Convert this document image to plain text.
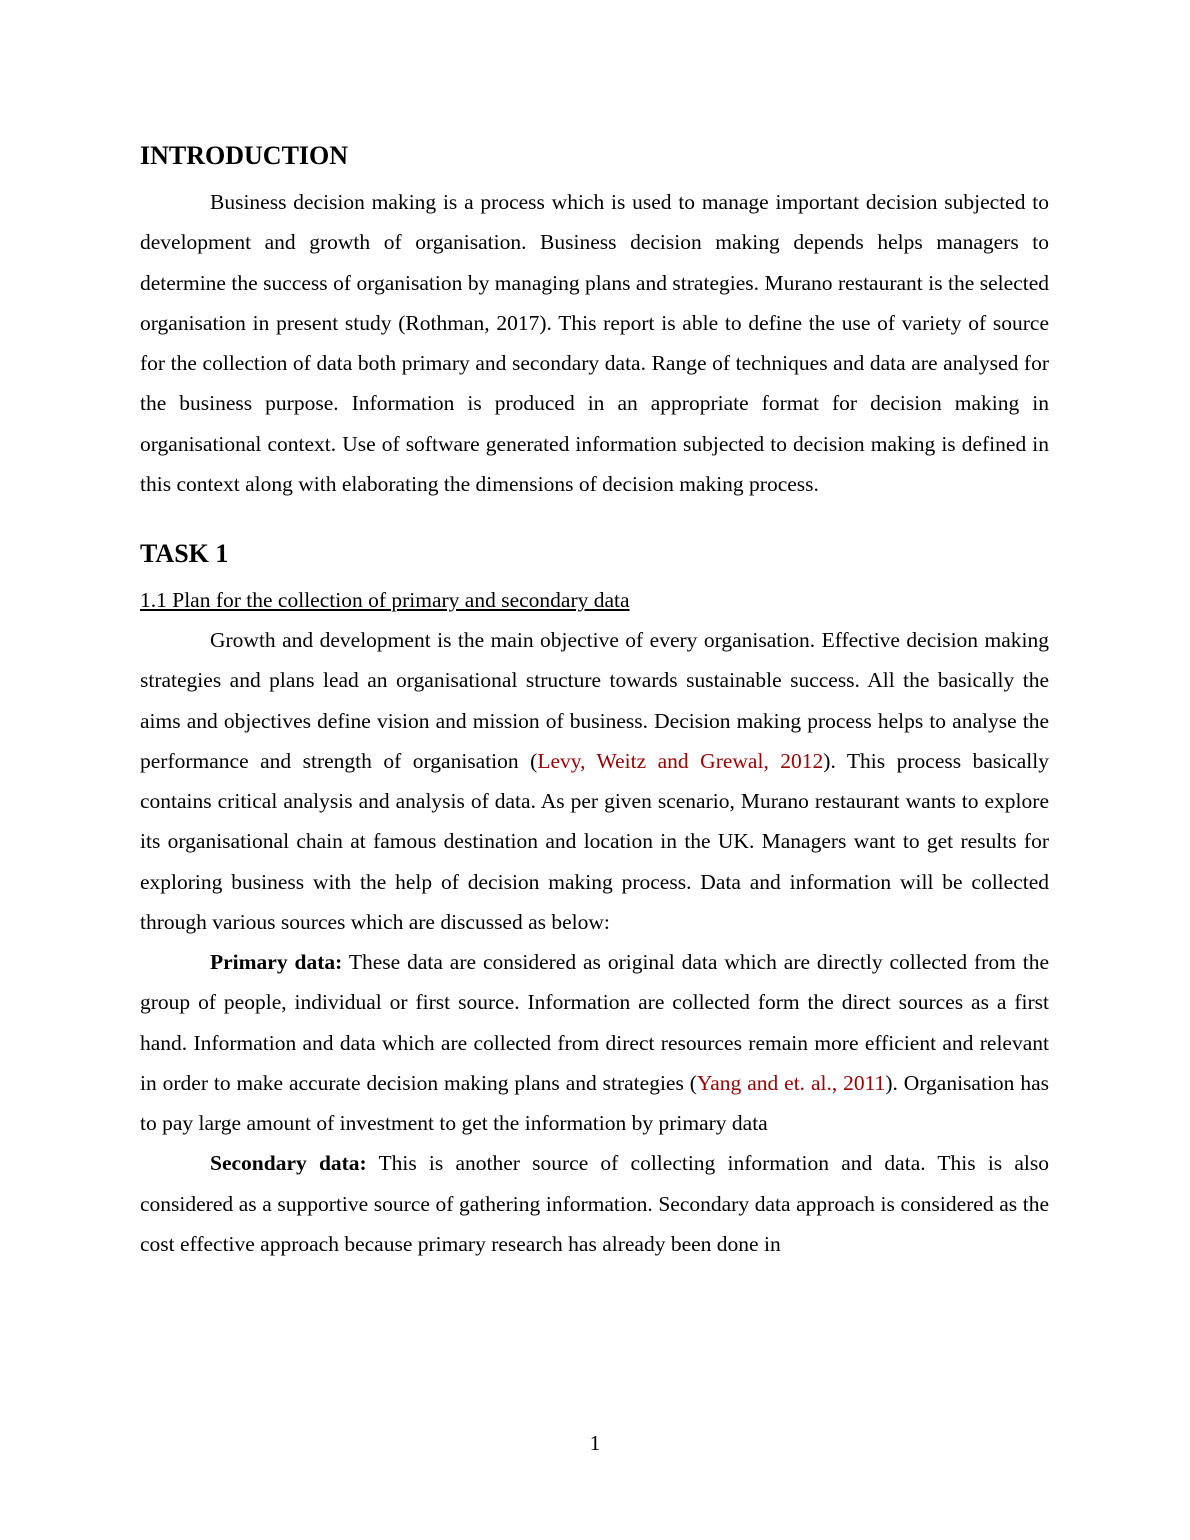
INTRODUCTION

Business decision making is a process which is used to manage important decision subjected to development and growth of organisation. Business decision making depends helps managers to determine the success of organisation by managing plans and strategies. Murano restaurant is the selected organisation in present study (Rothman, 2017). This report is able to define the use of variety of source for the collection of data both primary and secondary data. Range of techniques and data are analysed for the business purpose. Information is produced in an appropriate format for decision making in organisational context. Use of software generated information subjected to decision making is defined in this context along with elaborating the dimensions of decision making process.

TASK 1
1.1 Plan for the collection of primary and secondary data

Growth and development is the main objective of every organisation. Effective decision making strategies and plans lead an organisational structure towards sustainable success. All the basically the aims and objectives define vision and mission of business. Decision making process helps to analyse the performance and strength of organisation (Levy, Weitz and Grewal, 2012). This process basically contains critical analysis and analysis of data. As per given scenario, Murano restaurant wants to explore its organisational chain at famous destination and location in the UK. Managers want to get results for exploring business with the help of decision making process. Data and information will be collected through various sources which are discussed as below:

Primary data: These data are considered as original data which are directly collected from the group of people, individual or first source. Information are collected form the direct sources as a first hand. Information and data which are collected from direct resources remain more efficient and relevant in order to make accurate decision making plans and strategies (Yang and et. al., 2011). Organisation has to pay large amount of investment to get the information by primary data

Secondary data: This is another source of collecting information and data. This is also considered as a supportive source of gathering information. Secondary data approach is considered as the cost effective approach because primary research has already been done in

1
